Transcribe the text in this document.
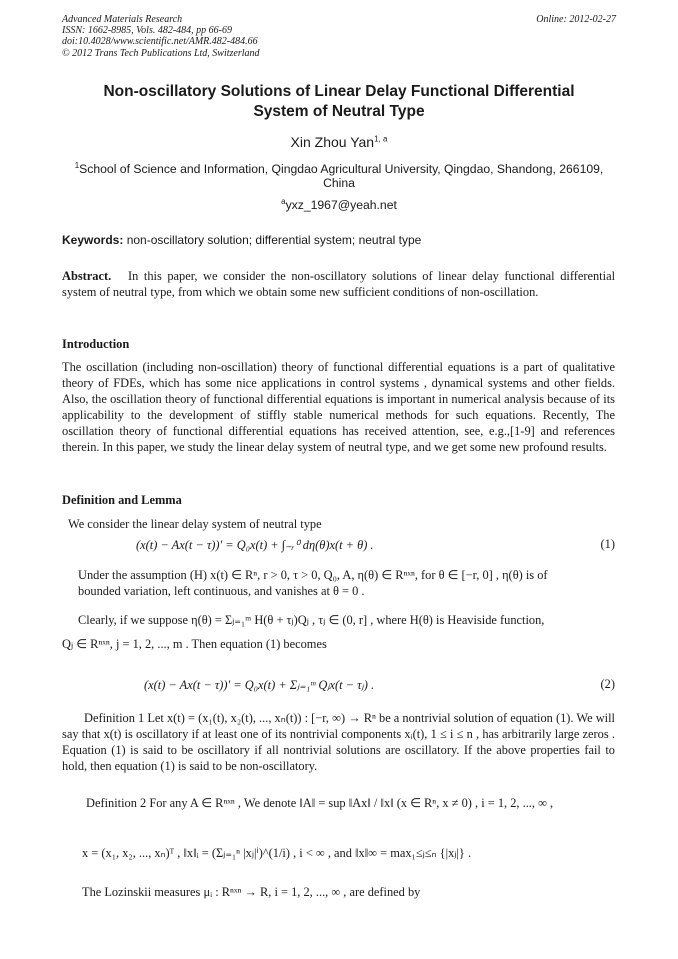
Advanced Materials Research
ISSN: 1662-8985, Vols. 482-484, pp 66-69
doi:10.4028/www.scientific.net/AMR.482-484.66
© 2012 Trans Tech Publications Ltd, Switzerland
Online: 2012-02-27
Non-oscillatory Solutions of Linear Delay Functional Differential
System of Neutral Type
Xin Zhou Yan$^{1, a}$
$^1$School of Science and Information, Qingdao Agricultural University, Qingdao, Shandong, 266109, China
$^a$yxz_1967@yeah.net
Keywords: non-oscillatory solution; differential system; neutral type
Abstract. In this paper, we consider the non-oscillatory solutions of linear delay functional differential system of neutral type, from which we obtain some new sufficient conditions of non-oscillation.
Introduction
The oscillation (including non-oscillation) theory of functional differential equations is a part of qualitative theory of FDEs, which has some nice applications in control systems , dynamical systems and other fields. Also, the oscillation theory of functional differential equations is important in numerical analysis because of its applicability to the development of stiffly stable numerical methods for such equations. Recently, The oscillation theory of functional differential equations has received attention, see, e.g.,[1-9] and references therein. In this paper, we study the linear delay system of neutral type, and we get some new profound results.
Definition and Lemma
We consider the linear delay system of neutral type
(x(t) − Ax(t − τ))' = Q₀x(t) + ∫₋ᵣ⁰ dη(θ)x(t + θ) .	(1)
Under the assumption (H) x(t) ∈ Rⁿ, r > 0, τ > 0, Q₀, A, η(θ) ∈ Rⁿˣⁿ, for θ ∈ [−r, 0] , η(θ) is of
bounded variation, left continuous, and vanishes at θ = 0 .
Clearly, if we suppose η(θ) = Σⱼ₌₁ᵐ H(θ + τⱼ)Qⱼ , τⱼ ∈ (0, r] , where H(θ) is Heaviside function,
Qⱼ ∈ Rⁿˣⁿ, j = 1, 2, ..., m . Then equation (1) becomes
(x(t) − Ax(t − τ))' = Q₀x(t) + Σⱼ₌₁ᵐ Qⱼx(t − τⱼ) .	(2)
Definition 1 Let x(t) = (x₁(t), x₂(t), ..., xₙ(t)) : [−r, ∞) → Rⁿ be a nontrivial solution of equation (1). We will say that x(t) is oscillatory if at least one of its nontrivial components xᵢ(t), 1 ≤ i ≤ n , has arbitrarily large zeros . Equation (1) is said to be oscillatory if all nontrivial solutions are oscillatory. If the above properties fail to hold, then equation (1) is said to be non-oscillatory.
Definition 2 For any A ∈ Rⁿˣⁿ , We denote ‖A‖ = sup ‖Ax‖ / ‖x‖ (x ∈ Rⁿ, x ≠ 0) , i = 1, 2, ..., ∞ ,
x = (x₁, x₂, ..., xₙ)ᵀ , ‖x‖ᵢ = (Σⱼ₌₁ⁿ |xⱼ|ⁱ)^(1/i) , i < ∞ , and ‖x‖∞ = max₁≤ⱼ≤ₙ {|xⱼ|} .
The Lozinskii measures μᵢ : Rⁿˣⁿ → R, i = 1, 2, ..., ∞ , are defined by
